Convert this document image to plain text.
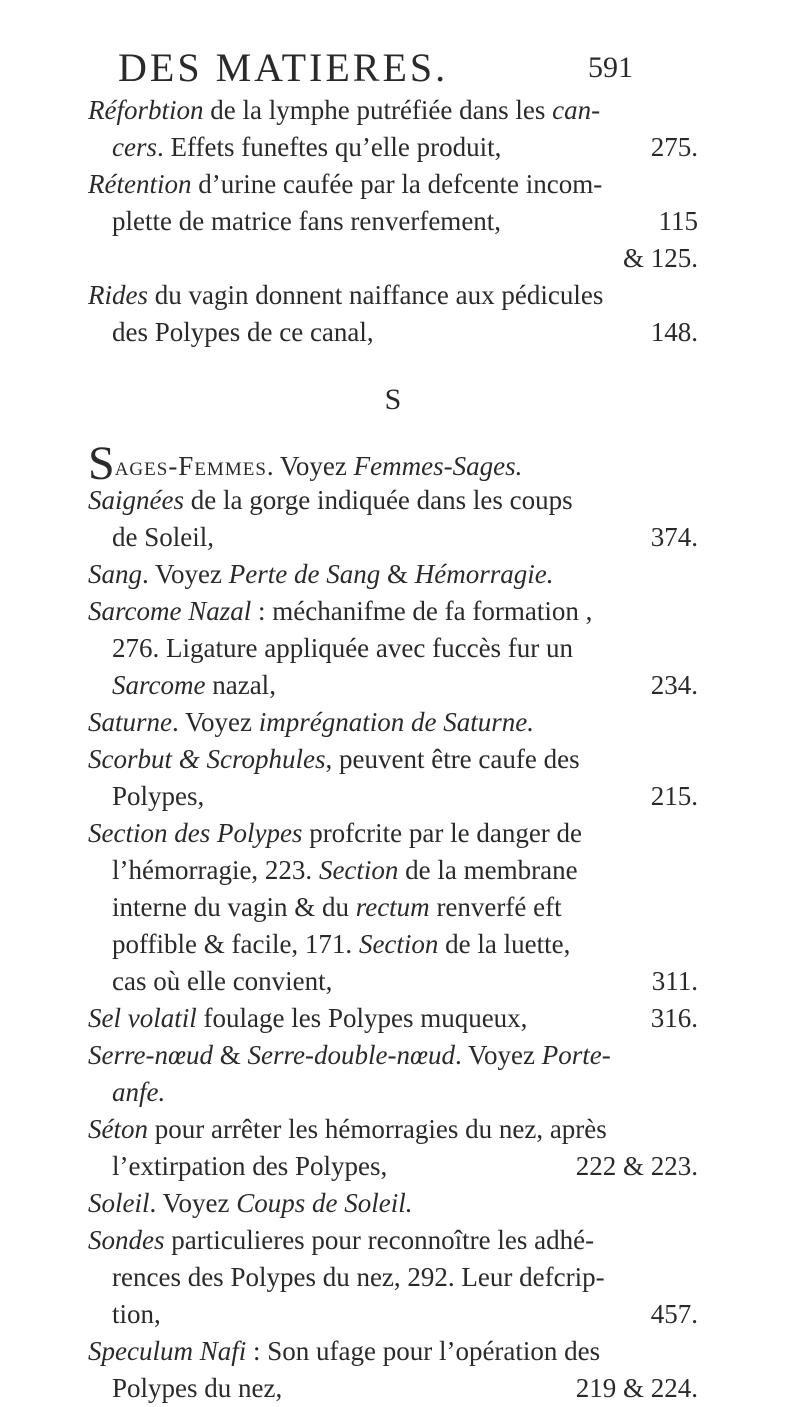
DES MATIERES.	591
Réforbtion de la lymphe putréfiée dans les can-
cers. Effets funeftes qu’elle produit,	275.
Rétention d’urine caufée par la defcente incom-
plette de matrice fans renverfement,	115
& 125.
Rides du vagin donnent naiffance aux pédicules
des Polypes de ce canal,	148.
S
Sages-Femmes. Voyez Femmes-Sages.
Saignées de la gorge indiquée dans les coups
de Soleil,	374.
Sang. Voyez Perte de Sang & Hémorragie.
Sarcome Nazal : méchanifme de fa formation ,
276. Ligature appliquée avec fuccès fur un
Sarcome nazal,	234.
Saturne. Voyez imprégnation de Saturne.
Scorbut & Scrophules, peuvent être caufe des
Polypes,	215.
Section des Polypes profcrite par le danger de
l’hémorragie, 223. Section de la membrane
interne du vagin & du rectum renverfé eft
poffible & facile, 171. Section de la luette,
cas où elle convient,	311.
Sel volatil foulage les Polypes muqueux,	316.
Serre-nœud & Serre-double-nœud. Voyez Porte-
anfe.
Séton pour arrêter les hémorragies du nez, après
l’extirpation des Polypes,	222 & 223.
Soleil. Voyez Coups de Soleil.
Sondes particulieres pour reconnoître les adhé-
rences des Polypes du nez, 292. Leur defcrip-
tion,	457.
Speculum Nafi : Son ufage pour l’opération des
Polypes du nez,	219 & 224.
